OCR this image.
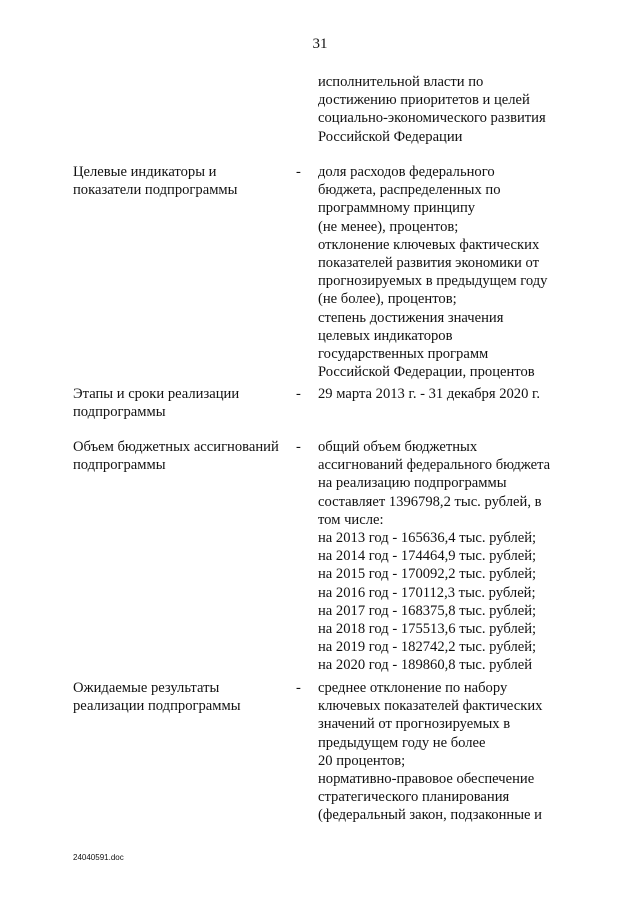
31
исполнительной власти по
достижению приоритетов и целей
социально-экономического развития
Российской Федерации
Целевые индикаторы и
показатели подпрограммы
-	доля расходов федерального
бюджета, распределенных по
программному принципу
(не менее), процентов;
отклонение ключевых фактических
показателей развития экономики от
прогнозируемых в предыдущем году
(не более), процентов;
степень достижения значения
целевых индикаторов
государственных программ
Российской Федерации, процентов
Этапы и сроки реализации
подпрограммы
-	29 марта 2013 г. - 31 декабря 2020 г.
Объем бюджетных ассигнований
подпрограммы
-	общий объем бюджетных
ассигнований федерального бюджета
на реализацию подпрограммы
составляет 1396798,2 тыс. рублей, в
том числе:
на 2013 год - 165636,4 тыс. рублей;
на 2014 год - 174464,9 тыс. рублей;
на 2015 год - 170092,2 тыс. рублей;
на 2016 год - 170112,3 тыс. рублей;
на 2017 год - 168375,8 тыс. рублей;
на 2018 год - 175513,6 тыс. рублей;
на 2019 год - 182742,2 тыс. рублей;
на 2020 год - 189860,8 тыс. рублей
Ожидаемые результаты
реализации подпрограммы
-	среднее отклонение по набору
ключевых показателей фактических
значений от прогнозируемых в
предыдущем году не более
20 процентов;
нормативно-правовое обеспечение
стратегического планирования
(федеральный закон, подзаконные и
24040591.doc
